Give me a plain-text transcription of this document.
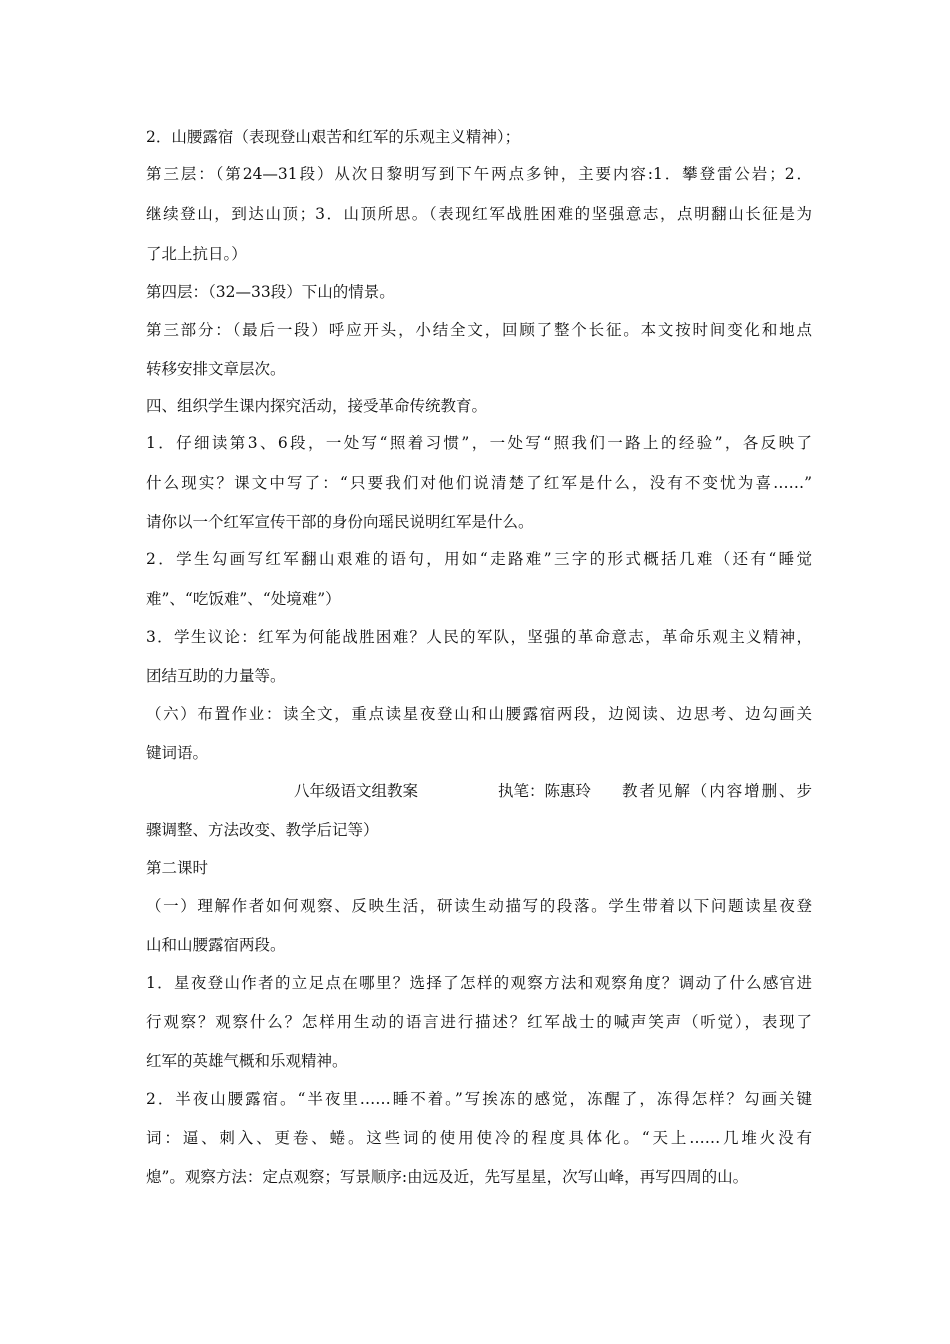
2．山腰露宿（表现登山艰苦和红军的乐观主义精神）；
第三层：（第24—31段）从次日黎明写到下午两点多钟，主要内容:1．攀登雷公岩；2．
继续登山，到达山顶；3．山顶所思。（表现红军战胜困难的坚强意志，点明翻山长征是为
了北上抗日。）
第四层：（32—33段）下山的情景。
第三部分：（最后一段）呼应开头，小结全文，回顾了整个长征。本文按时间变化和地点
转移安排文章层次。
四、组织学生课内探究活动，接受革命传统教育。
1．仔细读第3、6段，一处写“照着习惯”，一处写“照我们一路上的经验”，各反映了
什么现实？课文中写了：“只要我们对他们说清楚了红军是什么，没有不变忧为喜……”
请你以一个红军宣传干部的身份向瑶民说明红军是什么。
2．学生勾画写红军翻山艰难的语句，用如“走路难”三字的形式概括几难（还有“睡觉
难”、“吃饭难”、“处境难”）
3．学生议论：红军为何能战胜困难？人民的军队，坚强的革命意志，革命乐观主义精神，
团结互助的力量等。
（六）布置作业：读全文，重点读星夜登山和山腰露宿两段，边阅读、边思考、边勾画关
键词语。
八年级语文组教案	执笔：陈惠玲 教者见解（内容增删、步
骤调整、方法改变、教学后记等）
第二课时
（一）理解作者如何观察、反映生活，研读生动描写的段落。学生带着以下问题读星夜登
山和山腰露宿两段。
1．星夜登山作者的立足点在哪里？选择了怎样的观察方法和观察角度？调动了什么感官进
行观察？观察什么？怎样用生动的语言进行描述？红军战士的喊声笑声（听觉），表现了
红军的英雄气概和乐观精神。
2．半夜山腰露宿。“半夜里……睡不着。”写挨冻的感觉，冻醒了，冻得怎样？勾画关键
词：逼、刺入、更卷、蜷。这些词的使用使冷的程度具体化。“天上……几堆火没有
熄”。观察方法：定点观察；写景顺序:由远及近，先写星星，次写山峰，再写四周的山。
